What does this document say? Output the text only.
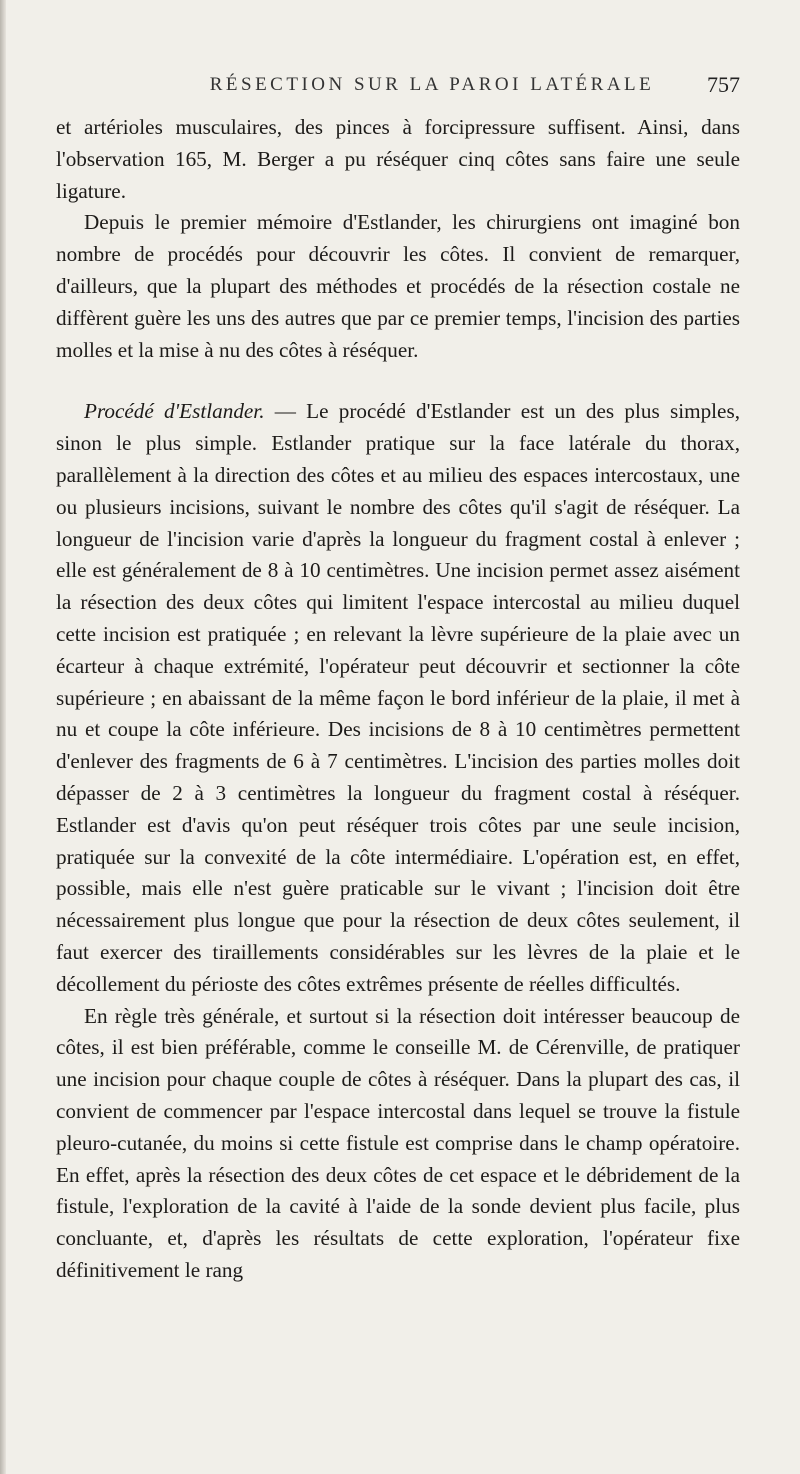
RÉSECTION SUR LA PAROI LATÉRALE	757

et artérioles musculaires, des pinces à forcipressure suffisent. Ainsi, dans l'observation 165, M. Berger a pu réséquer cinq côtes sans faire une seule ligature.

Depuis le premier mémoire d'Estlander, les chirurgiens ont imaginé bon nombre de procédés pour découvrir les côtes. Il convient de remarquer, d'ailleurs, que la plupart des méthodes et procédés de la résection costale ne diffèrent guère les uns des autres que par ce premier temps, l'incision des parties molles et la mise à nu des côtes à réséquer.

Procédé d'Estlander. — Le procédé d'Estlander est un des plus simples, sinon le plus simple. Estlander pratique sur la face latérale du thorax, parallèlement à la direction des côtes et au milieu des espaces intercostaux, une ou plusieurs incisions, suivant le nombre des côtes qu'il s'agit de réséquer. La longueur de l'incision varie d'après la longueur du fragment costal à enlever ; elle est généralement de 8 à 10 centimètres. Une incision permet assez aisément la résection des deux côtes qui limitent l'espace intercostal au milieu duquel cette incision est pratiquée ; en relevant la lèvre supérieure de la plaie avec un écarteur à chaque extrémité, l'opérateur peut découvrir et sectionner la côte supérieure ; en abaissant de la même façon le bord inférieur de la plaie, il met à nu et coupe la côte inférieure. Des incisions de 8 à 10 centimètres permettent d'enlever des fragments de 6 à 7 centimètres. L'incision des parties molles doit dépasser de 2 à 3 centimètres la longueur du fragment costal à réséquer. Estlander est d'avis qu'on peut réséquer trois côtes par une seule incision, pratiquée sur la convexité de la côte intermédiaire. L'opération est, en effet, possible, mais elle n'est guère praticable sur le vivant ; l'incision doit être nécessairement plus longue que pour la résection de deux côtes seulement, il faut exercer des tiraillements considérables sur les lèvres de la plaie et le décollement du périoste des côtes extrêmes présente de réelles difficultés.

En règle très générale, et surtout si la résection doit intéresser beaucoup de côtes, il est bien préférable, comme le conseille M. de Cérenville, de pratiquer une incision pour chaque couple de côtes à réséquer. Dans la plupart des cas, il convient de commencer par l'espace intercostal dans lequel se trouve la fistule pleuro-cutanée, du moins si cette fistule est comprise dans le champ opératoire. En effet, après la résection des deux côtes de cet espace et le débridement de la fistule, l'exploration de la cavité à l'aide de la sonde devient plus facile, plus concluante, et, d'après les résultats de cette exploration, l'opérateur fixe définitivement le rang
